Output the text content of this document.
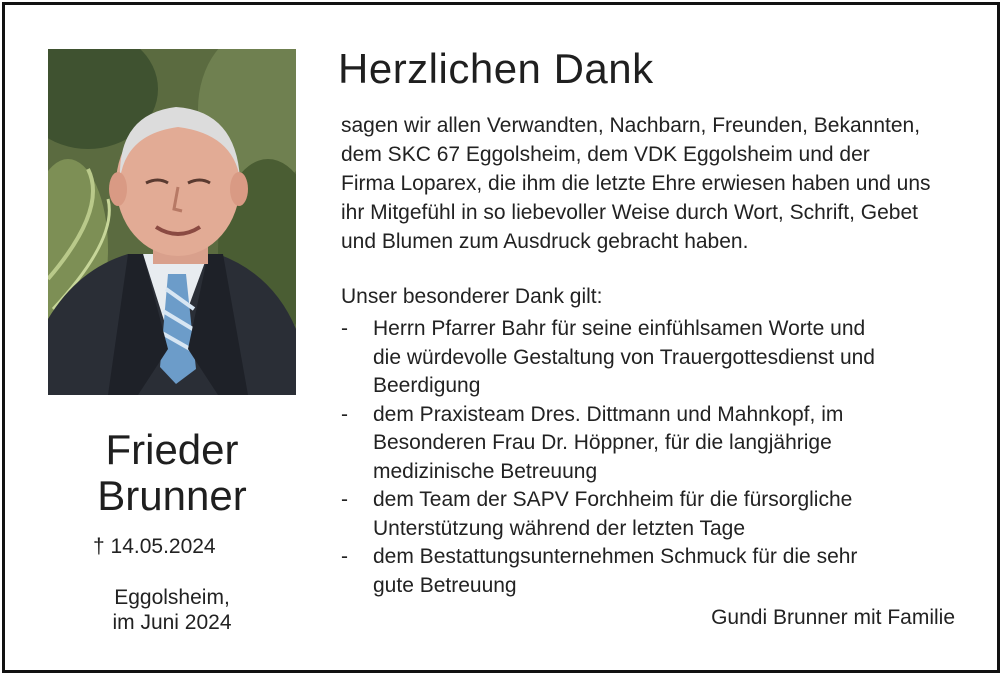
Frieder
Brunner
† 14.05.2024
Eggolsheim,
im Juni 2024
Herzlichen Dank
sagen wir allen Verwandten, Nachbarn, Freunden, Bekannten,
dem SKC 67 Eggolsheim, dem VDK Eggolsheim und der
Firma Loparex, die ihm die letzte Ehre erwiesen haben und uns
ihr Mitgefühl in so liebevoller Weise durch Wort, Schrift, Gebet
und Blumen zum Ausdruck gebracht haben.
Unser besonderer Dank gilt:
- Herrn Pfarrer Bahr für seine einfühlsamen Worte und
die würdevolle Gestaltung von Trauergottesdienst und
Beerdigung
- dem Praxisteam Dres. Dittmann und Mahnkopf, im
Besonderen Frau Dr. Höppner, für die langjährige
medizinische Betreuung
- dem Team der SAPV Forchheim für die fürsorgliche
Unterstützung während der letzten Tage
- dem Bestattungsunternehmen Schmuck für die sehr
gute Betreuung
Gundi Brunner mit Familie
